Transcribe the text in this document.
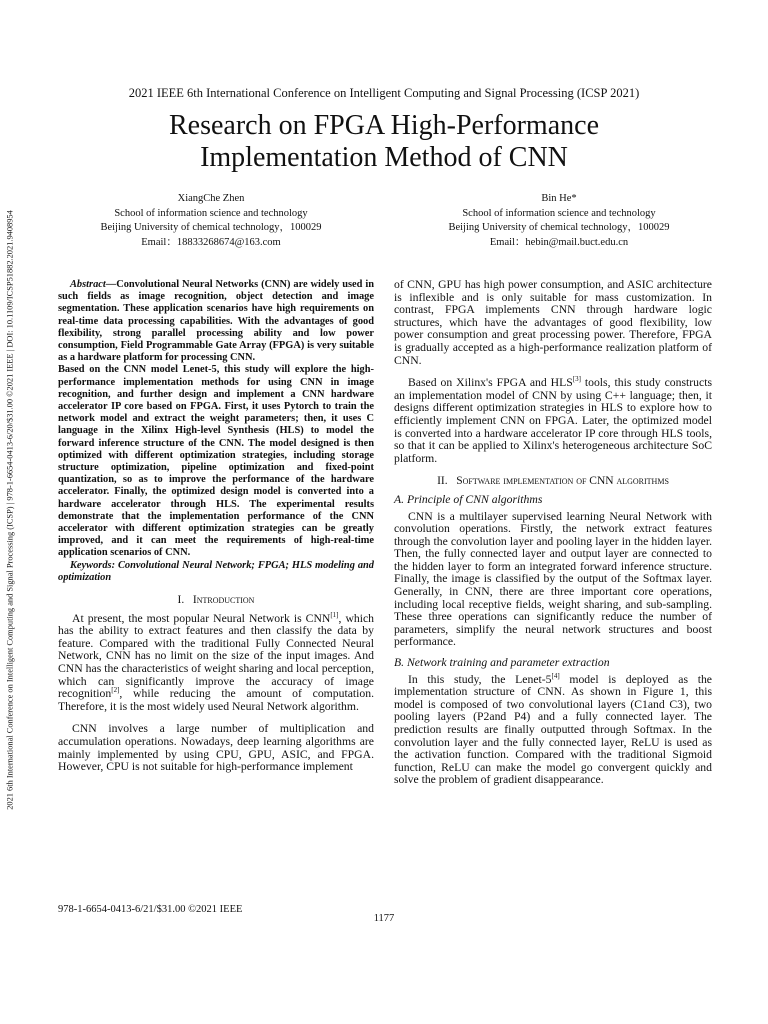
2021 6th International Conference on Intelligent Computing and Signal Processing (ICSP) | 978-1-6654-0413-6/20/$31.00 ©2021 IEEE | DOI: 10.1109/ICSP51882.2021.9408954
2021 IEEE 6th International Conference on Intelligent Computing and Signal Processing (ICSP 2021)
Research on FPGA High-Performance
Implementation Method of CNN
XiangChe Zhen
School of information science and technology
Beijing University of chemical technology，100029
Email：18833268674@163.com
Bin He*
School of information science and technology
Beijing University of chemical technology，100029
Email：hebin@mail.buct.edu.cn

Abstract—Convolutional Neural Networks (CNN) are widely used in such fields as image recognition, object detection and image segmentation. These application scenarios have high requirements on real-time data processing capabilities. With the advantages of good flexibility, strong parallel processing ability and low power consumption, Field Programmable Gate Array (FPGA) is very suitable as a hardware platform for processing CNN.

Based on the CNN model Lenet-5, this study will explore the high-performance implementation methods for using CNN in image recognition, and further design and implement a CNN hardware accelerator IP core based on FPGA. First, it uses Pytorch to train the network model and extract the weight parameters; then, it uses C language in the Xilinx High-level Synthesis (HLS) to model the forward inference structure of the CNN. The model designed is then optimized with different optimization strategies, including storage structure optimization, pipeline optimization and fixed-point quantization, so as to improve the performance of the hardware accelerator. Finally, the optimized design model is converted into a hardware accelerator through HLS. The experimental results demonstrate that the implementation performance of the CNN accelerator with different optimization strategies can be greatly improved, and it can meet the requirements of high-real-time application scenarios of CNN.

Keywords: Convolutional Neural Network; FPGA; HLS modeling and optimization

I. Introduction

At present, the most popular Neural Network is CNN[1], which has the ability to extract features and then classify the data by feature. Compared with the traditional Fully Connected Neural Network, CNN has no limit on the size of the input images. And CNN has the characteristics of weight sharing and local perception, which can significantly improve the accuracy of image recognition[2], while reducing the amount of computation. Therefore, it is the most widely used Neural Network algorithm.

CNN involves a large number of multiplication and accumulation operations. Nowadays, deep learning algorithms are mainly implemented by using CPU, GPU, ASIC, and FPGA. However, CPU is not suitable for high-performance implement

of CNN, GPU has high power consumption, and ASIC architecture is inflexible and is only suitable for mass customization. In contrast, FPGA implements CNN through hardware logic structures, which have the advantages of good flexibility, low power consumption and great processing power. Therefore, FPGA is gradually accepted as a high-performance realization platform of CNN.

Based on Xilinx's FPGA and HLS[3] tools, this study constructs an implementation model of CNN by using C++ language; then, it designs different optimization strategies in HLS to explore how to efficiently implement CNN on FPGA. Later, the optimized model is converted into a hardware accelerator IP core through HLS tools, so that it can be applied to Xilinx's heterogeneous architecture SoC platform.

II. Software implementation of CNN algorithms
A. Principle of CNN algorithms

CNN is a multilayer supervised learning Neural Network with convolution operations. Firstly, the network extract features through the convolution layer and pooling layer in the hidden layer. Then, the fully connected layer and output layer are connected to the hidden layer to form an integrated forward inference structure. Finally, the image is classified by the output of the Softmax layer. Generally, in CNN, there are three important core operations, including local receptive fields, weight sharing, and sub-sampling. These three operations can significantly reduce the number of parameters, simplify the neural network structures and boost performance.

B. Network training and parameter extraction

In this study, the Lenet-5[4] model is deployed as the implementation structure of CNN. As shown in Figure 1, this model is composed of two convolutional layers (C1and C3), two pooling layers (P2and P4) and a fully connected layer. The prediction results are finally outputted through Softmax. In the convolution layer and the fully connected layer, ReLU is used as the activation function. Compared with the traditional Sigmoid function, ReLU can make the model go convergent quickly and solve the problem of gradient disappearance.

978-1-6654-0413-6/21/$31.00 ©2021 IEEE
1177
